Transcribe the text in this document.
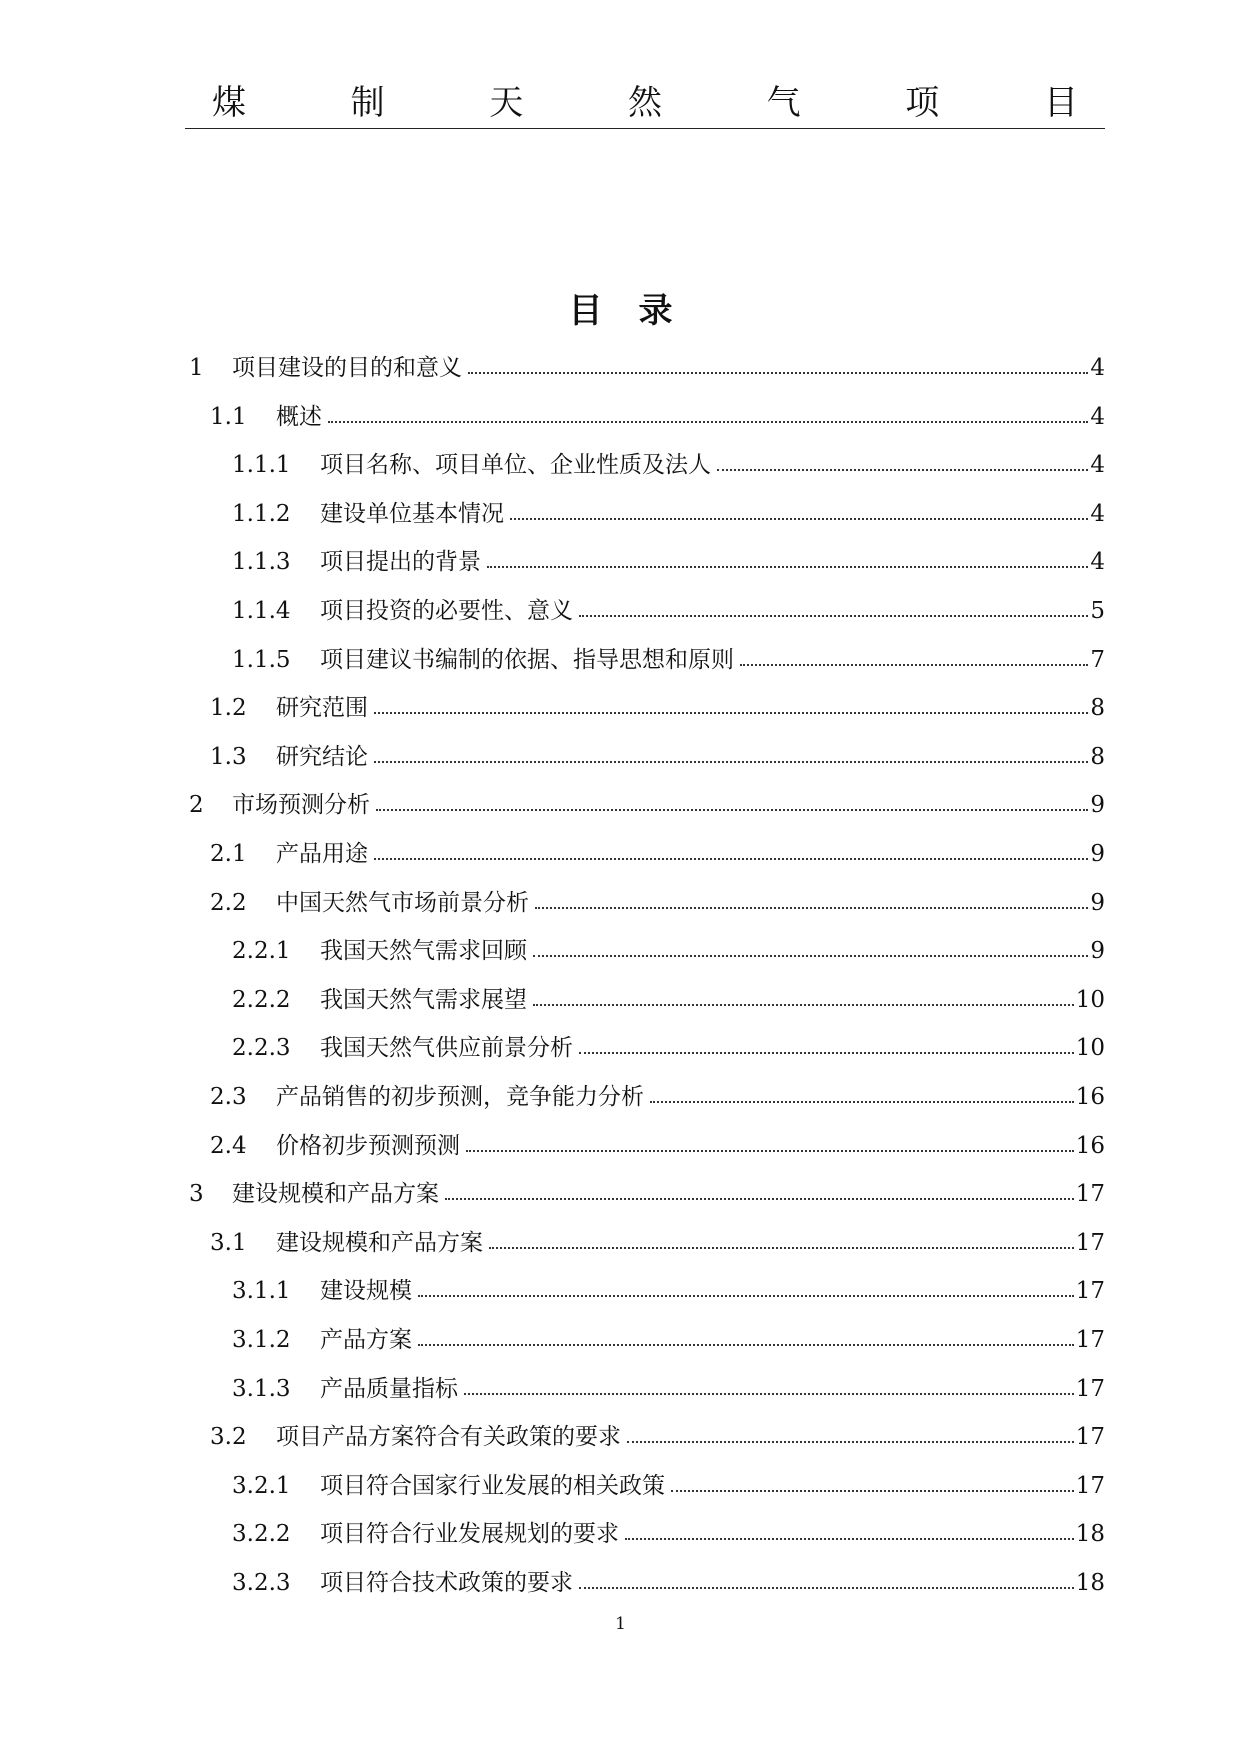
煤	制	天	然	气	项	目
目 录
1	项目建设的目的和意义	4
1.1	概述	4
1.1.1	项目名称、项目单位、企业性质及法人	4
1.1.2	建设单位基本情况	4
1.1.3	项目提出的背景	4
1.1.4	项目投资的必要性、意义	5
1.1.5	项目建议书编制的依据、指导思想和原则	7
1.2	研究范围	8
1.3	研究结论	8
2	市场预测分析	9
2.1	产品用途	9
2.2	中国天然气市场前景分析	9
2.2.1	我国天然气需求回顾	9
2.2.2	我国天然气需求展望	10
2.2.3	我国天然气供应前景分析	10
2.3	产品销售的初步预测，竞争能力分析	16
2.4	价格初步预测预测	16
3	建设规模和产品方案	17
3.1	建设规模和产品方案	17
3.1.1	建设规模	17
3.1.2	产品方案	17
3.1.3	产品质量指标	17
3.2	项目产品方案符合有关政策的要求	17
3.2.1	项目符合国家行业发展的相关政策	17
3.2.2	项目符合行业发展规划的要求	18
3.2.3	项目符合技术政策的要求	18
1
